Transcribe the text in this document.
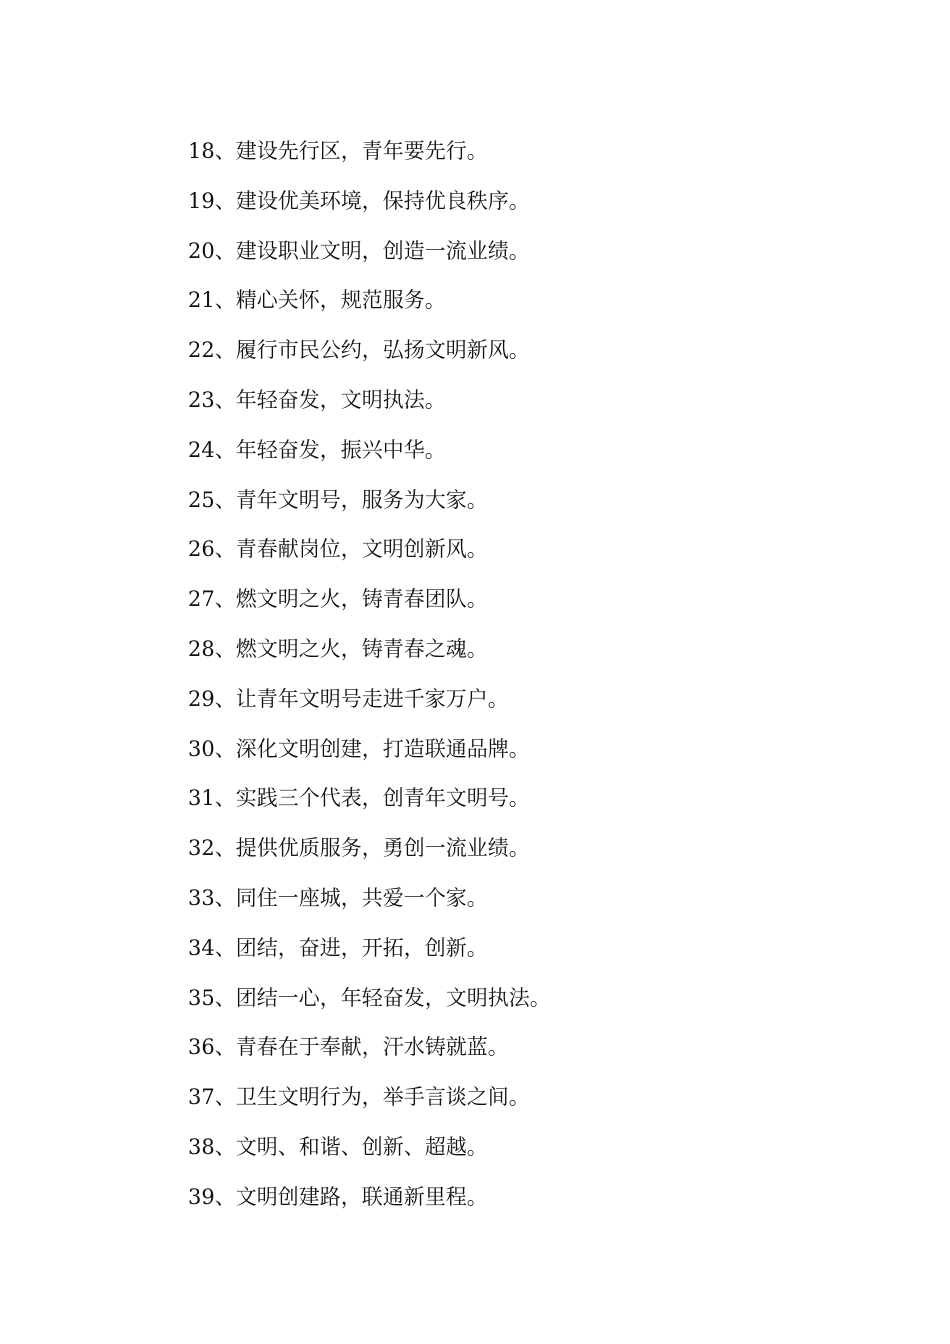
18、建设先行区，青年要先行。
19、建设优美环境，保持优良秩序。
20、建设职业文明，创造一流业绩。
21、精心关怀，规范服务。
22、履行市民公约，弘扬文明新风。
23、年轻奋发，文明执法。
24、年轻奋发，振兴中华。
25、青年文明号，服务为大家。
26、青春献岗位，文明创新风。
27、燃文明之火，铸青春团队。
28、燃文明之火，铸青春之魂。
29、让青年文明号走进千家万户。
30、深化文明创建，打造联通品牌。
31、实践三个代表，创青年文明号。
32、提供优质服务，勇创一流业绩。
33、同住一座城，共爱一个家。
34、团结，奋进，开拓，创新。
35、团结一心，年轻奋发，文明执法。
36、青春在于奉献，汗水铸就蓝。
37、卫生文明行为，举手言谈之间。
38、文明、和谐、创新、超越。
39、文明创建路，联通新里程。
